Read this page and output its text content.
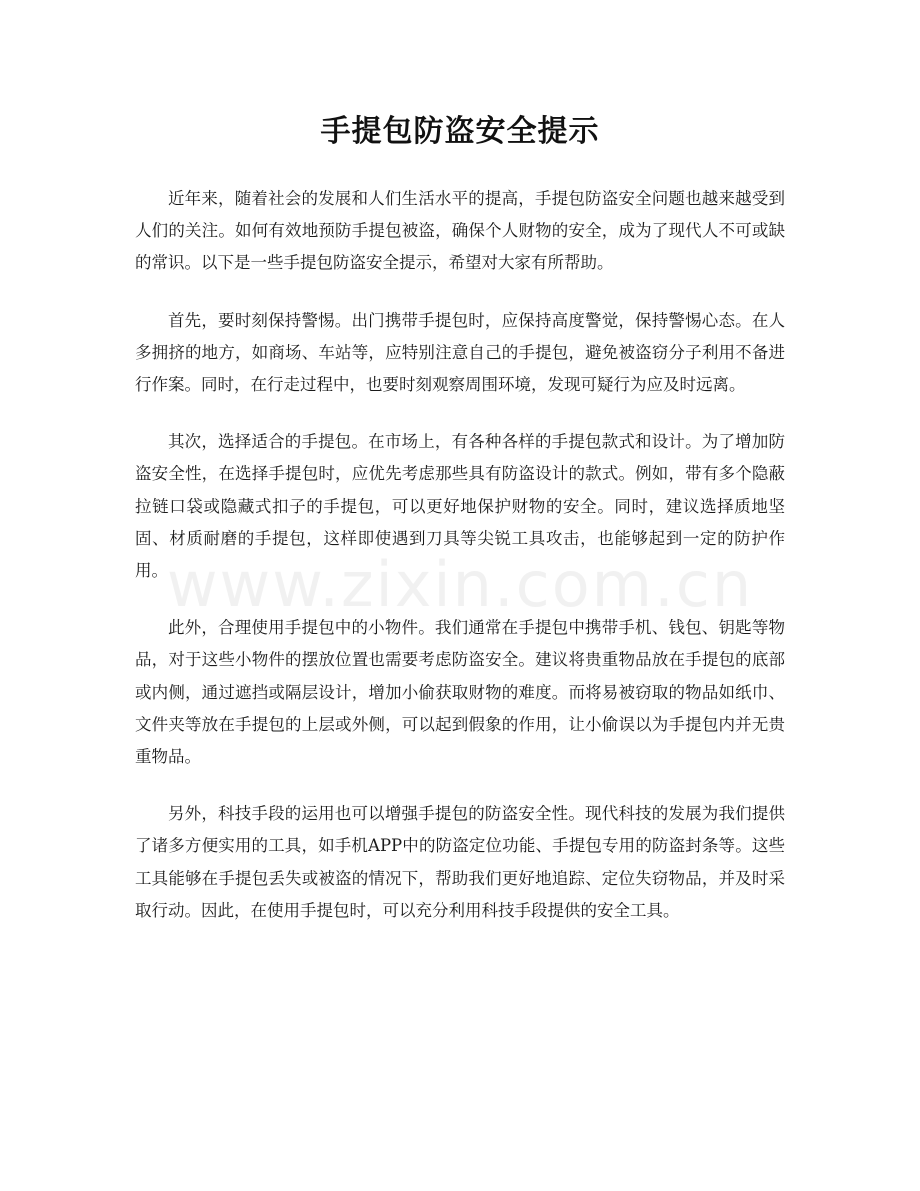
手提包防盗安全提示

近年来，随着社会的发展和人们生活水平的提高，手提包防盗安全问题也越来越受到人们的关注。如何有效地预防手提包被盗，确保个人财物的安全，成为了现代人不可或缺的常识。以下是一些手提包防盗安全提示，希望对大家有所帮助。

首先，要时刻保持警惕。出门携带手提包时，应保持高度警觉，保持警惕心态。在人多拥挤的地方，如商场、车站等，应特别注意自己的手提包，避免被盗窃分子利用不备进行作案。同时，在行走过程中，也要时刻观察周围环境，发现可疑行为应及时远离。

其次，选择适合的手提包。在市场上，有各种各样的手提包款式和设计。为了增加防盗安全性，在选择手提包时，应优先考虑那些具有防盗设计的款式。例如，带有多个隐蔽拉链口袋或隐藏式扣子的手提包，可以更好地保护财物的安全。同时，建议选择质地坚固、材质耐磨的手提包，这样即使遇到刀具等尖锐工具攻击，也能够起到一定的防护作用。

此外，合理使用手提包中的小物件。我们通常在手提包中携带手机、钱包、钥匙等物品，对于这些小物件的摆放位置也需要考虑防盗安全。建议将贵重物品放在手提包的底部或内侧，通过遮挡或隔层设计，增加小偷获取财物的难度。而将易被窃取的物品如纸巾、文件夹等放在手提包的上层或外侧，可以起到假象的作用，让小偷误以为手提包内并无贵重物品。

另外，科技手段的运用也可以增强手提包的防盗安全性。现代科技的发展为我们提供了诸多方便实用的工具，如手机APP中的防盗定位功能、手提包专用的防盗封条等。这些工具能够在手提包丢失或被盗的情况下，帮助我们更好地追踪、定位失窃物品，并及时采取行动。因此，在使用手提包时，可以充分利用科技手段提供的安全工具。

www.zixin.com.cn
